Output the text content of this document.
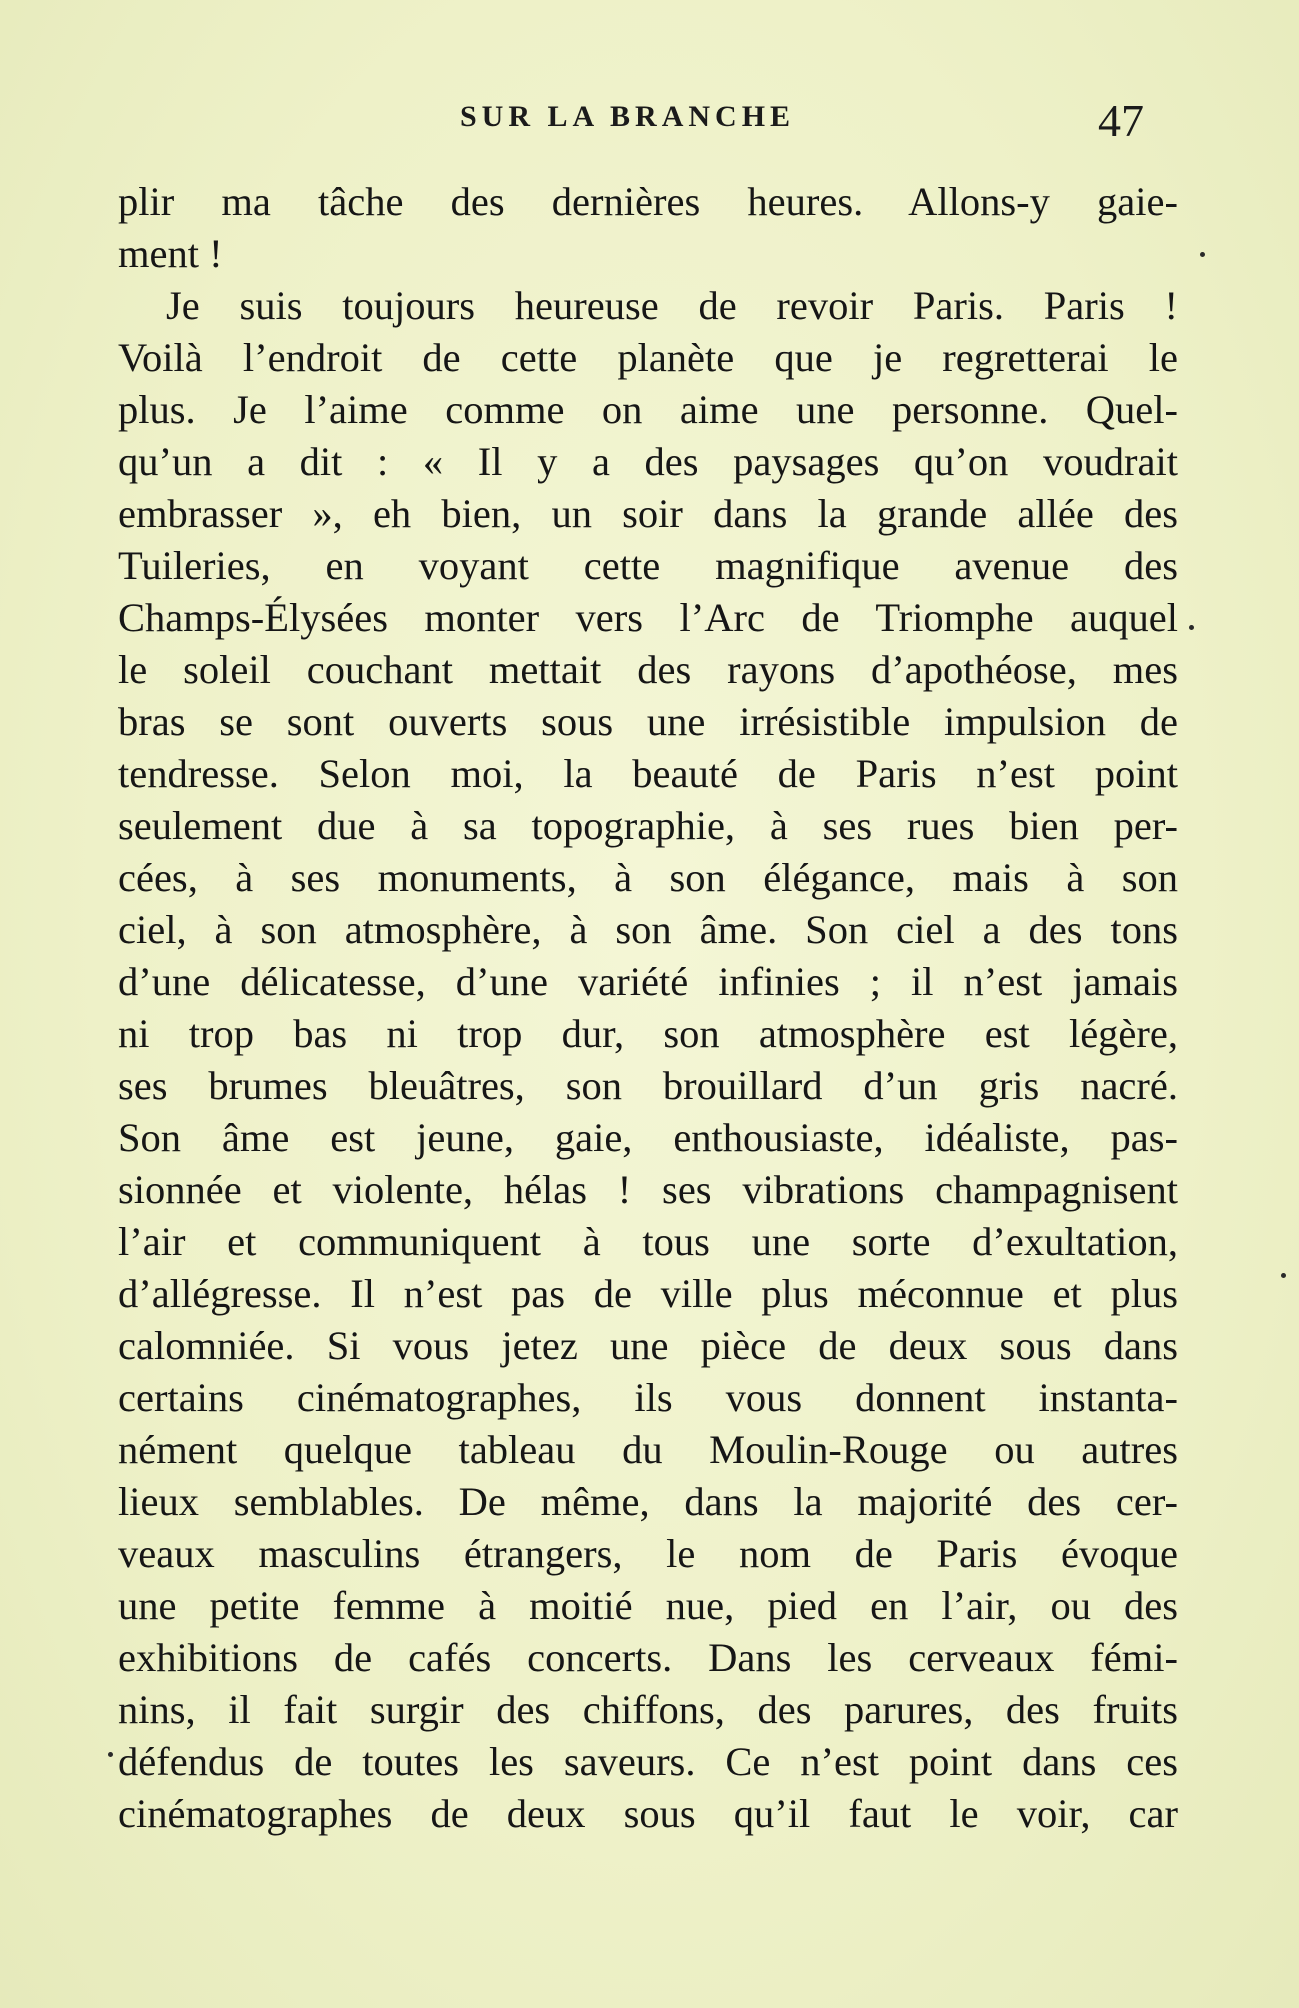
SUR LA BRANCHE	47
plir ma tâche des dernières heures. Allons-y gaie-
ment !
Je suis toujours heureuse de revoir Paris. Paris !
Voilà l’endroit de cette planète que je regretterai le
plus. Je l’aime comme on aime une personne. Quel-
qu’un a dit : « Il y a des paysages qu’on voudrait
embrasser », eh bien, un soir dans la grande allée des
Tuileries, en voyant cette magnifique avenue des
Champs-Élysées monter vers l’Arc de Triomphe auquel
le soleil couchant mettait des rayons d’apothéose, mes
bras se sont ouverts sous une irrésistible impulsion de
tendresse. Selon moi, la beauté de Paris n’est point
seulement due à sa topographie, à ses rues bien per-
cées, à ses monuments, à son élégance, mais à son
ciel, à son atmosphère, à son âme. Son ciel a des tons
d’une délicatesse, d’une variété infinies ; il n’est jamais
ni trop bas ni trop dur, son atmosphère est légère,
ses brumes bleuâtres, son brouillard d’un gris nacré.
Son âme est jeune, gaie, enthousiaste, idéaliste, pas-
sionnée et violente, hélas ! ses vibrations champagnisent
l’air et communiquent à tous une sorte d’exultation,
d’allégresse. Il n’est pas de ville plus méconnue et plus
calomniée. Si vous jetez une pièce de deux sous dans
certains cinématographes, ils vous donnent instanta-
nément quelque tableau du Moulin-Rouge ou autres
lieux semblables. De même, dans la majorité des cer-
veaux masculins étrangers, le nom de Paris évoque
une petite femme à moitié nue, pied en l’air, ou des
exhibitions de cafés concerts. Dans les cerveaux fémi-
nins, il fait surgir des chiffons, des parures, des fruits
défendus de toutes les saveurs. Ce n’est point dans ces
cinématographes de deux sous qu’il faut le voir, car
